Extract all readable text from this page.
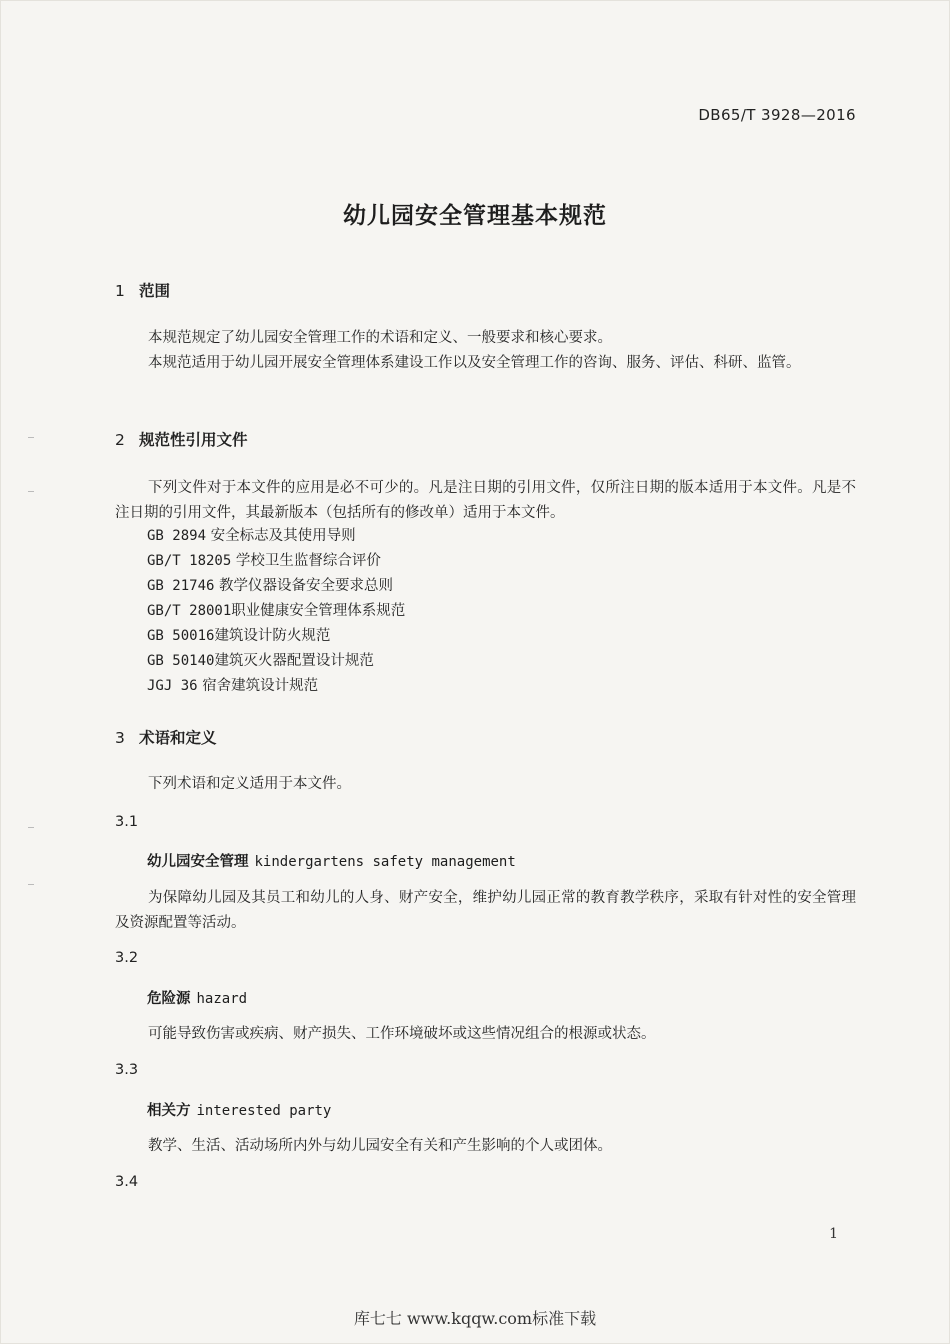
DB65/T 3928—2016
幼儿园安全管理基本规范
1 范围
本规范规定了幼儿园安全管理工作的术语和定义、一般要求和核心要求。
本规范适用于幼儿园开展安全管理体系建设工作以及安全管理工作的咨询、服务、评估、科研、监管。
2 规范性引用文件
下列文件对于本文件的应用是必不可少的。凡是注日期的引用文件，仅所注日期的版本适用于本文件。凡是不注日期的引用文件，其最新版本（包括所有的修改单）适用于本文件。
GB 2894 安全标志及其使用导则
GB/T 18205 学校卫生监督综合评价
GB 21746 教学仪器设备安全要求总则
GB/T 28001职业健康安全管理体系规范
GB 50016建筑设计防火规范
GB 50140建筑灭火器配置设计规范
JGJ 36 宿舍建筑设计规范
3 术语和定义
下列术语和定义适用于本文件。
3.1
幼儿园安全管理 kindergartens safety management
为保障幼儿园及其员工和幼儿的人身、财产安全，维护幼儿园正常的教育教学秩序，采取有针对性的安全管理及资源配置等活动。
3.2
危险源 hazard
可能导致伤害或疾病、财产损失、工作环境破坏或这些情况组合的根源或状态。
3.3
相关方 interested party
教学、生活、活动场所内外与幼儿园安全有关和产生影响的个人或团体。
3.4
1
库七七 www.kqqw.com标准下载
